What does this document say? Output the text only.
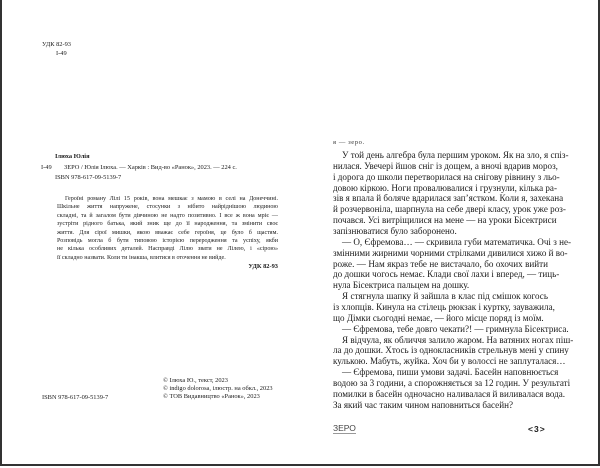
УДК 82-93
І-49
Ілюха Юлія
І-49 ЗЕРО / Юлія Ілюха. — Харків : Вид-во «Ранок», 2023. — 224 с.
ISBN 978-617-09-5139-7
Героїні роману Лілі 15 років, вона мешкає з мамою в селі на Донеччині.
Шкільне життя напружене, стосунки з нібито найріднішою людиною
складні, та й загалом бути дівчиною не надто позитивно. І все ж вона мріє —
зустріти рідного батька, який зник ще до її народження, та змінити своє
життя. Для сірої мишки, якою вважає себе героїня, це було б щастям.
Розповідь могла б бути типовою історією переродження та успіху, якби
не кілька особливих деталей. Насправді Лілю звати не Лілею, і «сірою»
її складно назвати. Коли ти інакша, влитися в оточення не вийде.
УДК 82-93
ISBN 978-617-09-5139-7
© Ілюха Ю., текст, 2023
© indigo dolorosa, ілюстр. на обкл., 2023
© ТОВ Видавництво «Ранок», 2023
я — зеро.
У той день алгебра була першим уроком. Як на зло, я спіз-
нилася. Увечері йшов сніг із дощем, а вночі вдарив мороз,
і дорога до школи перетворилася на снігову рівнину з льо-
довою кіркою. Ноги провалювалися і грузнули, кілька ра-
зів я впала й боляче вдарилася зап’ястком. Коли я, захекана
й розчервоніла, шарпнула на себе двері класу, урок уже роз-
почався. Усі витріщилися на мене — на уроки Бісектриси
запізнюватися було заборонено.
— О, Єфремова… — скривила губи математичка. Очі з не-
змінними жирними чорними стрілками дивилися хижо й во-
роже. — Нам якраз тебе не вистачало, бо охочих вийти
до дошки чогось немає. Клади свої лахи і вперед, — тиць-
нула Бісектриса пальцем на дошку.
Я стягнула шапку й зайшла в клас під смішок когось
із хлопців. Кинула на стілець рюкзак і куртку, зауважила,
що Дімки сьогодні немає, — його місце поряд із моїм.
— Єфремова, тебе довго чекати?! — гримнула Бісектриса.
Я відчула, як обличчя залило жаром. На ватяних ногах піш-
ла до дошки. Хтось із однокласників стрельнув мені у спину
кулькою. Мабуть, жуйка. Хоч би у волоссі не заплуталася…
— Єфремова, пиши умови задачі. Басейн наповнюється
водою за 3 години, а спорожняється за 12 годин. У результаті
помилки в басейн одночасно наливалася й виливалася вода.
За який час таким чином наповниться басейн?
ЗЕРО	<3>
